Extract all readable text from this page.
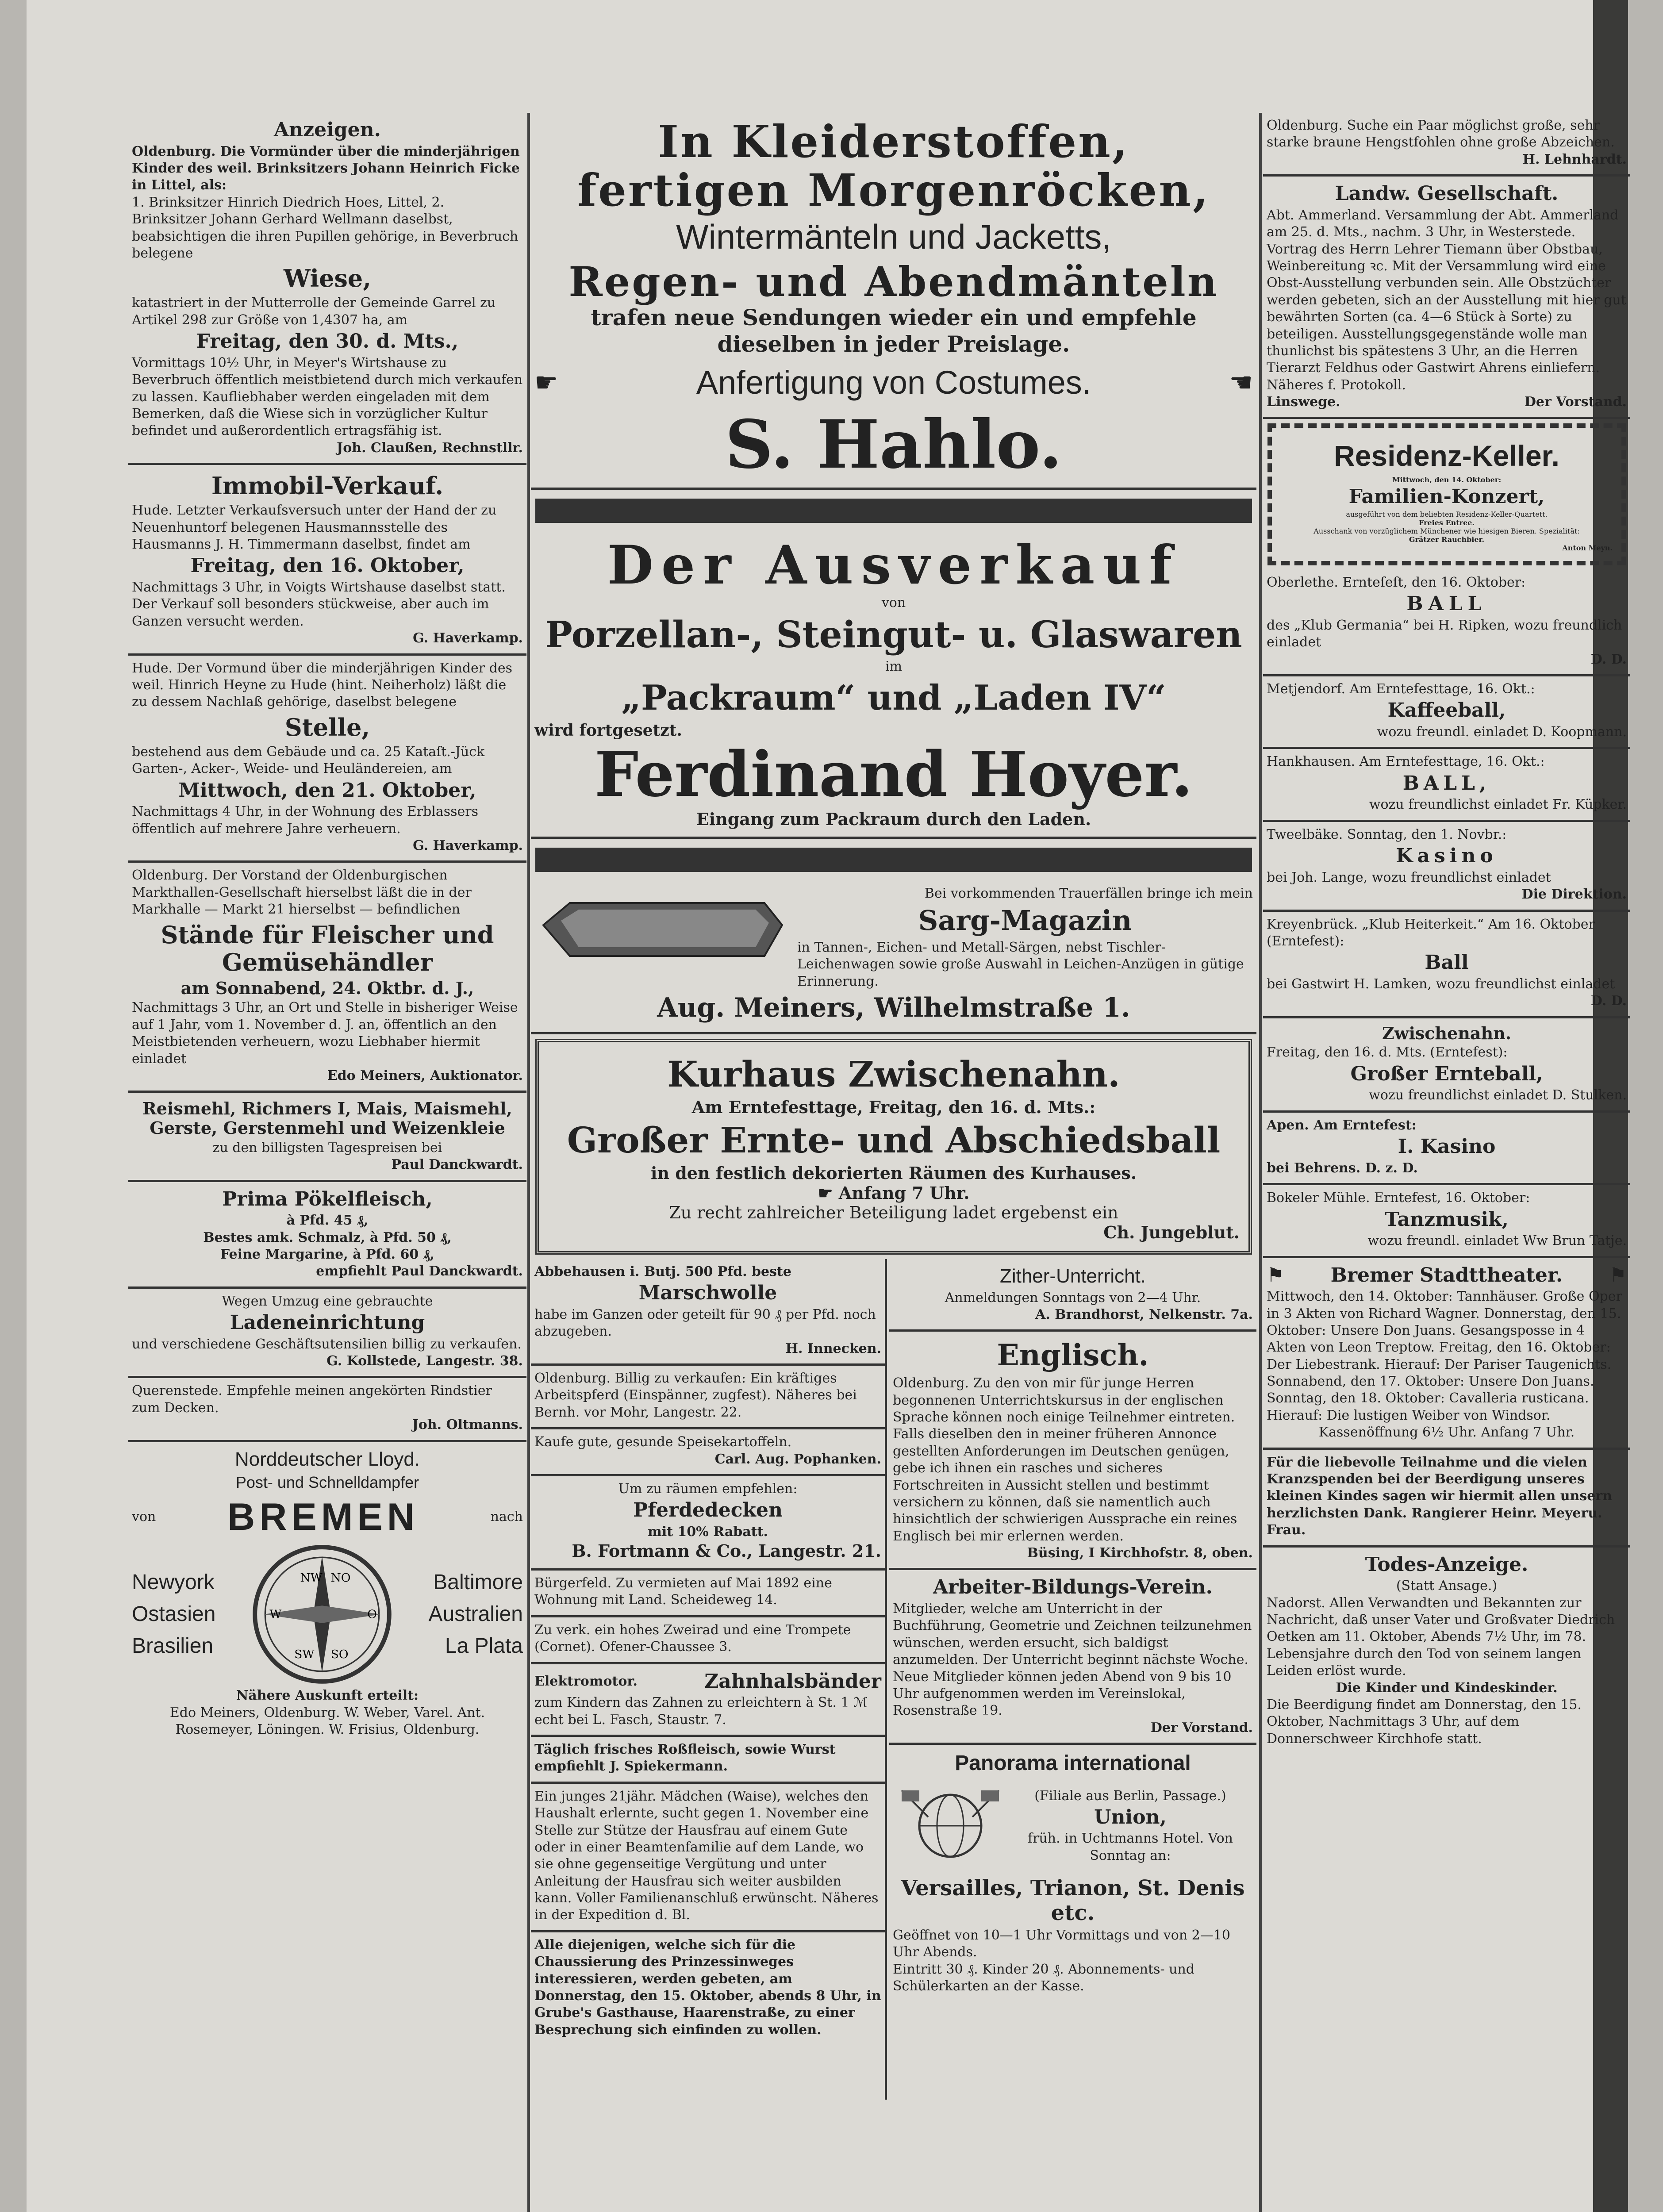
Anzeigen.
Oldenburg. Die Vormünder über die minderjährigen Kinder des weil. Brinksitzers Johann Heinrich Ficke in Littel, als:
1. Brinksitzer Hinrich Diedrich Hoes, Littel, 2. Brinksitzer Johann Gerhard Wellmann daselbst, beabsichtigen die ihren Pupillen gehörige, in Beverbruch belegene
Wiese,
katastriert in der Mutterrolle der Gemeinde Garrel zu Artikel 298 zur Größe von 1,4307 ha, am
Freitag, den 30. d. Mts.,
Vormittags 10½ Uhr, in Meyer's Wirtshause zu Beverbruch öffentlich meistbietend durch mich verkaufen zu lassen. Kaufliebhaber werden eingeladen mit dem Bemerken, daß die Wiese sich in vorzüglicher Kultur befindet und außerordentlich ertragsfähig ist.
Joh. Claußen, Rechnstllr.
Immobil-Verkauf.
Hude. Letzter Verkaufsversuch unter der Hand der zu Neuenhuntorf belegenen Hausmannsstelle des Hausmanns J. H. Timmermann daselbst, findet am
Freitag, den 16. Oktober,
Nachmittags 3 Uhr, in Voigts Wirtshause daselbst statt. Der Verkauf soll besonders stückweise, aber auch im Ganzen versucht werden.
G. Haverkamp.
Hude. Der Vormund über die minderjährigen Kinder des weil. Hinrich Heyne zu Hude (hint. Neiherholz) läßt die zu dessem Nachlaß gehörige, daselbst belegene
Stelle,
bestehend aus dem Gebäude und ca. 25 Kataſt.-Jück Garten-, Acker-, Weide- und Heuländereien, am
Mittwoch, den 21. Oktober,
Nachmittags 4 Uhr, in der Wohnung des Erblassers öffentlich auf mehrere Jahre verheuern.
G. Haverkamp.
Oldenburg. Der Vorstand der Oldenburgischen Markthallen-Gesellschaft hierselbst läßt die in der Markhalle — Markt 21 hierselbst — befindlichen
Stände für Fleischer und Gemüsehändler
am Sonnabend, 24. Oktbr. d. J.,
Nachmittags 3 Uhr, an Ort und Stelle in bisheriger Weise auf 1 Jahr, vom 1. November d. J. an, öffentlich an den Meistbietenden verheuern, wozu Liebhaber hiermit einladet
Edo Meiners, Auktionator.
Reismehl, Richmers I, Mais, Maismehl, Gerste, Gerstenmehl und Weizenkleie
zu den billigsten Tagespreisen bei
Paul Danckwardt.
Prima Pökelfleisch,
à Pfd. 45 ₰,
Bestes amk. Schmalz, à Pfd. 50 ₰,
Feine Margarine, à Pfd. 60 ₰,
empfiehlt Paul Danckwardt.
Wegen Umzug eine gebrauchte
Ladeneinrichtung
und verschiedene Geschäftsutensilien billig zu verkaufen.
G. Kollstede, Langestr. 38.
Querenstede. Empfehle meinen angekörten Rindstier zum Decken.
Joh. Oltmanns.
Norddeutscher Lloyd.
Post- und Schnelldampfer
von BREMEN	nach
Newyork
Ostasien
Brasilien
NW NO
W	O
SW SO
Baltimore
Australien
La Plata
Nähere Auskunft erteilt:
Edo Meiners, Oldenburg. W. Weber, Varel. Ant. Rosemeyer, Löningen. W. Frisius, Oldenburg.
In Kleiderstoffen,
fertigen Morgenröcken,
Wintermänteln und Jacketts,
Regen- und Abendmänteln
trafen neue Sendungen wieder ein und empfehle dieselben in jeder Preislage.
☛	Anfertigung von Costumes.	☚
S. Hahlo.
Der Ausverkauf
von
Porzellan-, Steingut- u. Glaswaren
im
„Packraum“ und „Laden IV“
wird fortgesetzt.
Ferdinand Hoyer.
Eingang zum Packraum durch den Laden.
Bei vorkommenden Trauerfällen bringe ich mein
Sarg-Magazin
in Tannen-, Eichen- und Metall-Särgen, nebst Tischler-Leichenwagen sowie große Auswahl in Leichen-Anzügen in gütige Erinnerung.
Aug. Meiners, Wilhelmstraße 1.
Kurhaus Zwischenahn.
Am Erntefesttage, Freitag, den 16. d. Mts.:
Großer Ernte- und Abschiedsball
in den festlich dekorierten Räumen des Kurhauses.
☛ Anfang 7 Uhr.
Zu recht zahlreicher Beteiligung ladet ergebenst ein
Ch. Jungeblut.
Abbehausen i. Butj. 500 Pfd. beste
Marschwolle
habe im Ganzen oder geteilt für 90 ₰ per Pfd. noch abzugeben.
H. Innecken.
Oldenburg. Billig zu verkaufen: Ein kräftiges Arbeitspferd (Einspänner, zugfest). Näheres bei Bernh. vor Mohr, Langestr. 22.
Kaufe gute, gesunde Speisekartoffeln.
Carl. Aug. Pophanken.
Um zu räumen empfehlen:
Pferdedecken
mit 10% Rabatt.
B. Fortmann & Co., Langestr. 21.
Bürgerfeld. Zu vermieten auf Mai 1892 eine Wohnung mit Land. Scheideweg 14.
Zu verk. ein hohes Zweirad und eine Trompete (Cornet). Ofener-Chaussee 3.
Elektromotor.	Zahnhalsbänder
zum Kindern das Zahnen zu erleichtern à St. 1 ℳ echt bei L. Fasch, Staustr. 7.
Täglich frisches Roßfleisch, sowie Wurst empfiehlt J. Spiekermann.
Ein junges 21jähr. Mädchen (Waise), welches den Haushalt erlernte, sucht gegen 1. November eine Stelle zur Stütze der Hausfrau auf einem Gute oder in einer Beamtenfamilie auf dem Lande, wo sie ohne gegenseitige Vergütung und unter Anleitung der Hausfrau sich weiter ausbilden kann. Voller Familienanschluß erwünscht. Näheres in der Expedition d. Bl.
Alle diejenigen, welche sich für die Chaussierung des Prinzessinweges interessieren, werden gebeten, am Donnerstag, den 15. Oktober, abends 8 Uhr, in Grube's Gasthause, Haarenstraße, zu einer Besprechung sich einfinden zu wollen.
Zither-Unterricht.
Anmeldungen Sonntags von 2—4 Uhr.
A. Brandhorst, Nelkenstr. 7a.
Englisch.
Oldenburg. Zu den von mir für junge Herren begonnenen Unterrichtskursus in der englischen Sprache können noch einige Teilnehmer eintreten. Falls dieselben den in meiner früheren Annonce gestellten Anforderungen im Deutschen genügen, gebe ich ihnen ein rasches und sicheres Fortschreiten in Aussicht stellen und bestimmt versichern zu können, daß sie namentlich auch hinsichtlich der schwierigen Aussprache ein reines Englisch bei mir erlernen werden.
Büsing, I Kirchhofstr. 8, oben.
Arbeiter-Bildungs-Verein.
Mitglieder, welche am Unterricht in der Buchführung, Geometrie und Zeichnen teilzunehmen wünschen, werden ersucht, sich baldigst anzumelden. Der Unterricht beginnt nächste Woche. Neue Mitglieder können jeden Abend von 9 bis 10 Uhr aufgenommen werden im Vereinslokal, Rosenstraße 19.
Der Vorstand.
Panorama international
(Filiale aus Berlin, Passage.)
Union,
früh. in Uchtmanns Hotel. Von Sonntag an:
Versailles, Trianon, St. Denis etc.
Geöffnet von 10—1 Uhr Vormittags und von 2—10 Uhr Abends.
Eintritt 30 ₰. Kinder 20 ₰. Abonnements- und Schülerkarten an der Kasse.
Oldenburg. Suche ein Paar möglichst große, sehr starke braune Hengstfohlen ohne große Abzeichen.
H. Lehnhardt.
Landw. Gesellschaft.
Abt. Ammerland. Versammlung der Abt. Ammerland am 25. d. Mts., nachm. 3 Uhr, in Westerstede. Vortrag des Herrn Lehrer Tiemann über Obstbau, Weinbereitung ꝛc. Mit der Versammlung wird eine Obst-Ausstellung verbunden sein. Alle Obstzüchter werden gebeten, sich an der Ausstellung mit hier gut bewährten Sorten (ca. 4—6 Stück à Sorte) zu beteiligen. Ausstellungsgegenstände wolle man thunlichst bis spätestens 3 Uhr, an die Herren Tierarzt Feldhus oder Gastwirt Ahrens einliefern. Näheres f. Protokoll.
Linswege.	Der Vorstand.
Residenz-Keller.
Mittwoch, den 14. Oktober:
Familien-Konzert,
ausgeführt von dem beliebten Residenz-Keller-Quartett.
Freies Entree.
Ausschank von vorzüglichem Münchener wie hiesigen Bieren. Spezialität:
Grätzer Rauchbier.
Anton Meyn.
Oberlethe. Ernteſeſt, den 16. Oktober:
BALL
des „Klub Germania“ bei H. Ripken, wozu freundlich einladet
D. D.
Metjendorf. Am Erntefesttage, 16. Okt.:
Kaffeeball,
wozu freundl. einladet D. Koopmann.
Hankhausen. Am Erntefesttage, 16. Okt.:
BALL,
wozu freundlichst einladet Fr. Küpker.
Tweelbäke. Sonntag, den 1. Novbr.:
Kasino
bei Joh. Lange, wozu freundlichst einladet
Die Direktion.
Kreyenbrück. „Klub Heiterkeit.“ Am 16. Oktober (Erntefest):
Ball
bei Gastwirt H. Lamken, wozu freundlichst einladet
D. D.
Zwischenahn.
Freitag, den 16. d. Mts. (Erntefest):
Großer Ernteball,
wozu freundlichst einladet D. Stulken.
Apen. Am Erntefest:
I. Kasino
bei Behrens. D. z. D.
Bokeler Mühle. Erntefest, 16. Oktober:
Tanzmusik,
wozu freundl. einladet Ww Brun Tatje.
⚑ Bremer Stadttheater. ⚑
Mittwoch, den 14. Oktober: Tannhäuser. Große Oper in 3 Akten von Richard Wagner. Donnerstag, den 15. Oktober: Unsere Don Juans. Gesangsposse in 4 Akten von Leon Treptow. Freitag, den 16. Oktober: Der Liebestrank. Hierauf: Der Pariser Taugenichts. Sonnabend, den 17. Oktober: Unsere Don Juans. Sonntag, den 18. Oktober: Cavalleria rusticana. Hierauf: Die lustigen Weiber von Windsor.
Kassenöffnung 6½ Uhr. Anfang 7 Uhr.
Für die liebevolle Teilnahme und die vielen Kranzspenden bei der Beerdigung unseres kleinen Kindes sagen wir hiermit allen unsern herzlichsten Dank. Rangierer Heinr. Meyeru. Frau.
Todes-Anzeige.
(Statt Ansage.)
Nadorst. Allen Verwandten und Bekannten zur Nachricht, daß unser Vater und Großvater Diedrich Oetken am 11. Oktober, Abends 7½ Uhr, im 78. Lebensjahre durch den Tod von seinem langen Leiden erlöst wurde.
Die Kinder und Kindeskinder.
Die Beerdigung findet am Donnerstag, den 15. Oktober, Nachmittags 3 Uhr, auf dem Donnerschweer Kirchhofe statt.
